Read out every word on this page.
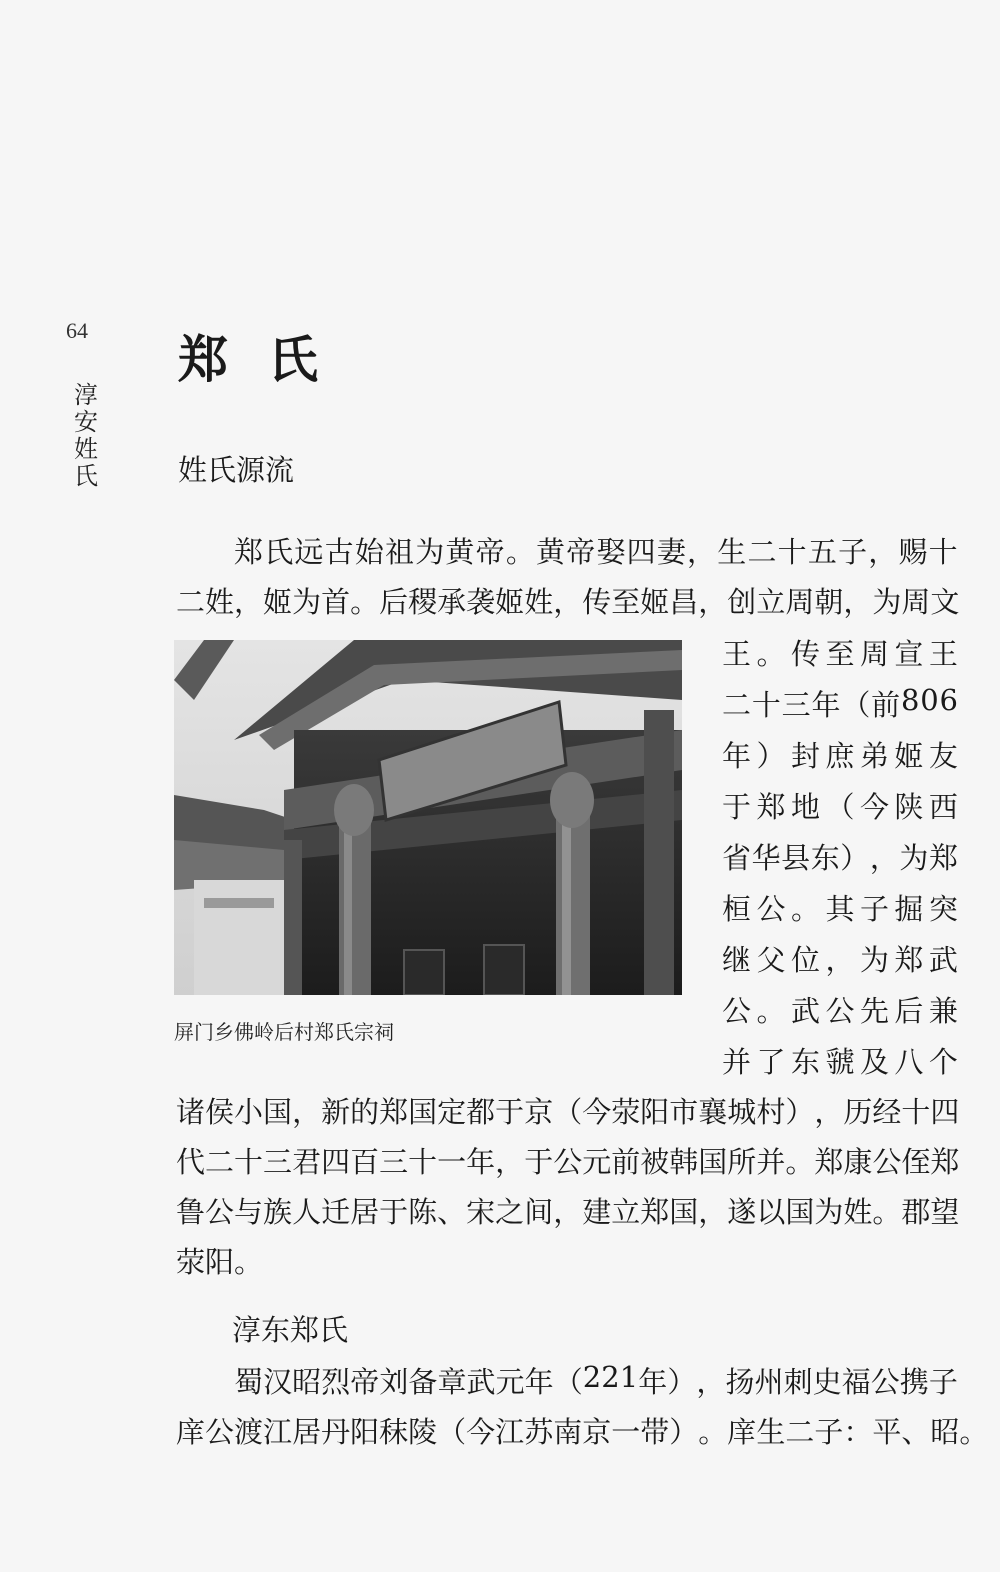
64
淳安姓氏
郑氏
姓氏源流
郑 氏 远 古 始 祖 为 黄 帝 。 黄 帝 娶 四 妻 ， 生 二 十 五 子 ， 赐 十
二 姓 ， 姬 为 首 。 后 稷 承 袭 姬 姓 ， 传 至 姬 昌 ， 创 立 周 朝 ， 为 周 文
王 。 传 至 周 宣 王
二 十 三 年 （ 前 8 0 6
年 ） 封 庶 弟 姬 友
于 郑 地 （ 今 陕 西
省 华 县 东 ） ， 为 郑
桓 公 。 其 子 掘 突
继 父 位 ， 为 郑 武
公 。 武 公 先 后 兼
并 了 东 虢 及 八 个
诸 侯 小 国 ， 新 的 郑 国 定 都 于 京 （ 今 荥 阳 市 襄 城 村 ） ， 历 经 十 四
代 二 十 三 君 四 百 三 十 一 年 ， 于 公 元 前 被 韩 国 所 并 。 郑 康 公 侄 郑
鲁 公 与 族 人 迁 居 于 陈 、 宋 之 间 ， 建 立 郑 国 ， 遂 以 国 为 姓 。 郡 望
荥阳。
屏门乡佛岭后村郑氏宗祠
淳东郑氏
蜀 汉 昭 烈 帝 刘 备 章 武 元 年 （ 2 2 1 年 ） ， 扬 州 刺 史 福 公 携 子
庠 公 渡 江 居 丹 阳 秣 陵 （ 今 江 苏 南 京 一 带 ） 。 庠 生 二 子 ： 平 、 昭 。
